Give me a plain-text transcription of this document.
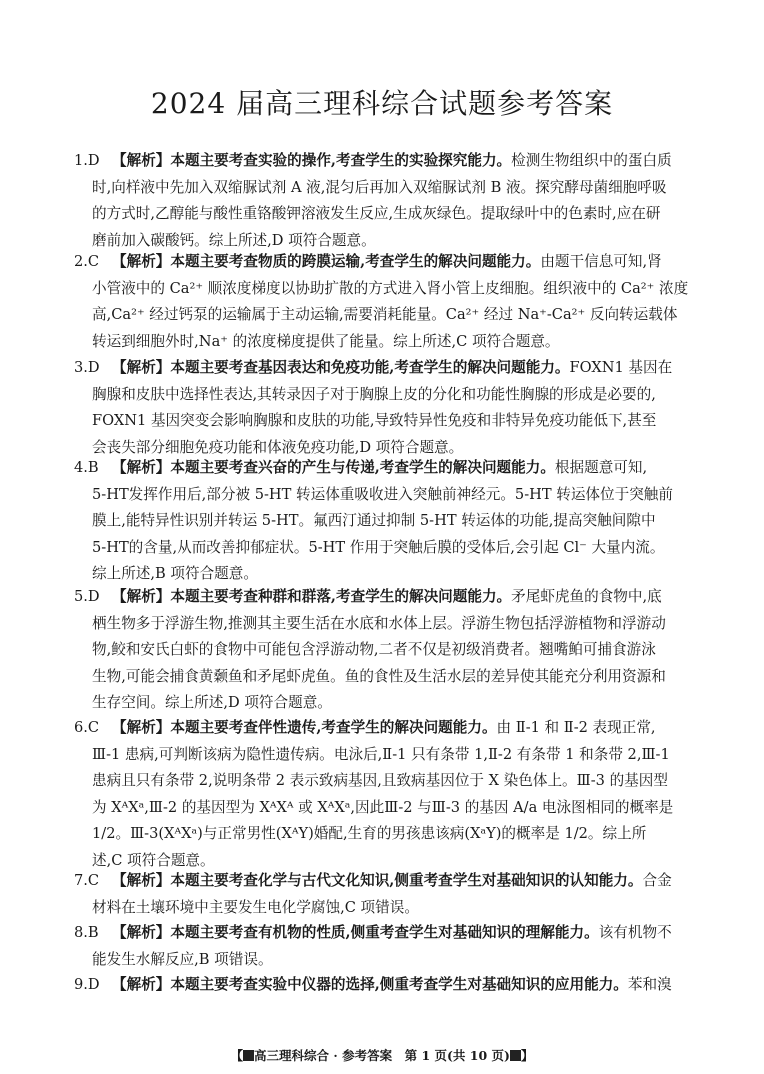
2024 届高三理科综合试题参考答案
1.D 【解析】本题主要考查实验的操作,考查学生的实验探究能力。检测生物组织中的蛋白质
时,向样液中先加入双缩脲试剂 A 液,混匀后再加入双缩脲试剂 B 液。探究酵母菌细胞呼吸
的方式时,乙醇能与酸性重铬酸钾溶液发生反应,生成灰绿色。提取绿叶中的色素时,应在研
磨前加入碳酸钙。综上所述,D 项符合题意。
2.C 【解析】本题主要考查物质的跨膜运输,考查学生的解决问题能力。由题干信息可知,肾
小管液中的 Ca²⁺ 顺浓度梯度以协助扩散的方式进入肾小管上皮细胞。组织液中的 Ca²⁺ 浓度
高,Ca²⁺ 经过钙泵的运输属于主动运输,需要消耗能量。Ca²⁺ 经过 Na⁺-Ca²⁺ 反向转运载体
转运到细胞外时,Na⁺ 的浓度梯度提供了能量。综上所述,C 项符合题意。
3.D 【解析】本题主要考查基因表达和免疫功能,考查学生的解决问题能力。FOXN1 基因在
胸腺和皮肤中选择性表达,其转录因子对于胸腺上皮的分化和功能性胸腺的形成是必要的,
FOXN1 基因突变会影响胸腺和皮肤的功能,导致特异性免疫和非特异免疫功能低下,甚至
会丧失部分细胞免疫功能和体液免疫功能,D 项符合题意。
4.B 【解析】本题主要考查兴奋的产生与传递,考查学生的解决问题能力。根据题意可知,
5-HT发挥作用后,部分被 5-HT 转运体重吸收进入突触前神经元。5-HT 转运体位于突触前
膜上,能特异性识别并转运 5-HT。氟西汀通过抑制 5-HT 转运体的功能,提高突触间隙中
5-HT的含量,从而改善抑郁症状。5-HT 作用于突触后膜的受体后,会引起 Cl⁻ 大量内流。
综上所述,B 项符合题意。
5.D 【解析】本题主要考查种群和群落,考查学生的解决问题能力。矛尾虾虎鱼的食物中,底
栖生物多于浮游生物,推测其主要生活在水底和水体上层。浮游生物包括浮游植物和浮游动
物,鲛和安氏白虾的食物中可能包含浮游动物,二者不仅是初级消费者。翘嘴鲌可捕食游泳
生物,可能会捕食黄颡鱼和矛尾虾虎鱼。鱼的食性及生活水层的差异使其能充分利用资源和
生存空间。综上所述,D 项符合题意。
6.C 【解析】本题主要考查伴性遗传,考查学生的解决问题能力。由 Ⅱ-1 和 Ⅱ-2 表现正常,
Ⅲ-1 患病,可判断该病为隐性遗传病。电泳后,Ⅱ-1 只有条带 1,Ⅱ-2 有条带 1 和条带 2,Ⅲ-1
患病且只有条带 2,说明条带 2 表示致病基因,且致病基因位于 X 染色体上。Ⅲ-3 的基因型
为 XᴬXᵃ,Ⅲ-2 的基因型为 XᴬXᴬ 或 XᴬXᵃ,因此Ⅲ-2 与Ⅲ-3 的基因 A/a 电泳图相同的概率是
1/2。Ⅲ-3(XᴬXᵃ)与正常男性(XᴬY)婚配,生育的男孩患该病(XᵃY)的概率是 1/2。综上所
述,C 项符合题意。
7.C 【解析】本题主要考查化学与古代文化知识,侧重考查学生对基础知识的认知能力。合金
材料在土壤环境中主要发生电化学腐蚀,C 项错误。
8.B 【解析】本题主要考查有机物的性质,侧重考查学生对基础知识的理解能力。该有机物不
能发生水解反应,B 项错误。
9.D 【解析】本题主要考查实验中仪器的选择,侧重考查学生对基础知识的应用能力。苯和溴
【 高三理科综合 · 参考答案　第 1 页(共 10 页) 】
